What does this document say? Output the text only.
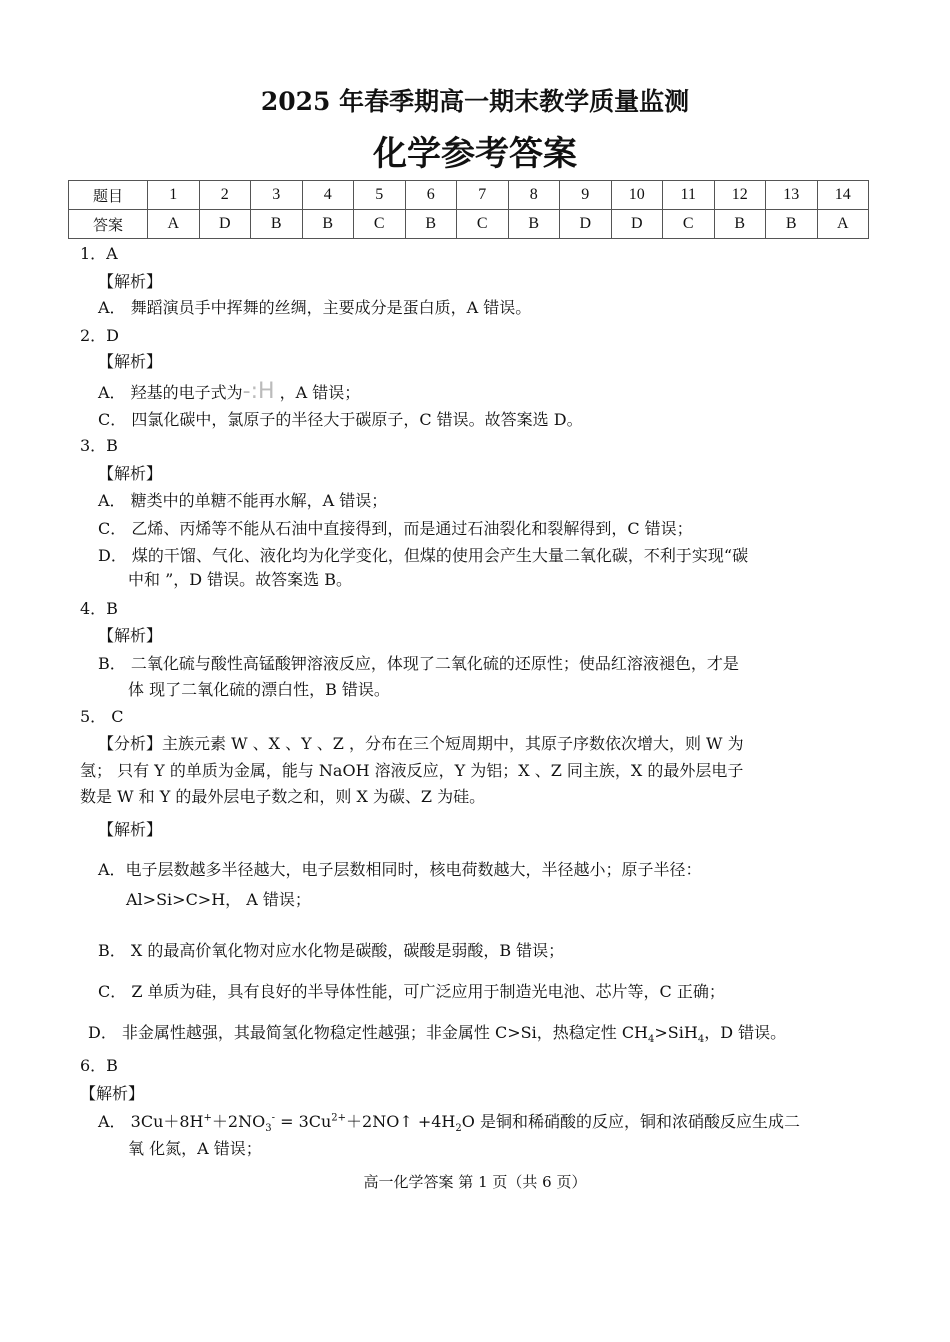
2025 年春季期高一期末教学质量监测
化学参考答案
题目	1	2	3	4	5	6	7	8	9	10	11	12	13	14
答案	A	D	B	B	C	B	C	B	D	D	C	B	B	A
1．A
【解析】
A． 舞蹈演员手中挥舞的丝绸，主要成分是蛋白质，A 错误。
2．D
【解析】
A． 羟基的电子式为-:H ，A 错误；
C． 四氯化碳中，氯原子的半径大于碳原子，C 错误。故答案选 D。
3．B
【解析】
A． 糖类中的单糖不能再水解，A 错误；
C． 乙烯、丙烯等不能从石油中直接得到，而是通过石油裂化和裂解得到，C 错误；
D． 煤的干馏、气化、液化均为化学变化，但煤的使用会产生大量二氧化碳，不利于实现“碳
中和 ”，D 错误。故答案选 B。
4．B
【解析】
B． 二氧化硫与酸性高锰酸钾溶液反应，体现了二氧化硫的还原性；使品红溶液褪色，才是
体 现了二氧化硫的漂白性，B 错误。
5． C
【分析】主族元素 W 、X 、Y 、Z ，分布在三个短周期中，其原子序数依次增大，则 W 为
氢； 只有 Y 的单质为金属，能与 NaOH 溶液反应，Y 为铝；X 、Z 同主族，X 的最外层电子
数是 W 和 Y 的最外层电子数之和，则 X 为碳、Z 为硅。
【解析】
A．电子层数越多半径越大，电子层数相同时，核电荷数越大，半径越小；原子半径：
Al>Si>C>H， A 错误；
B． X 的最高价氧化物对应水化物是碳酸，碳酸是弱酸，B 错误；
C． Z 单质为硅，具有良好的半导体性能，可广泛应用于制造光电池、芯片等，C 正确；
D． 非金属性越强，其最简氢化物稳定性越强；非金属性 C>Si，热稳定性 $CH_4>SiH_4$，D 错误。
6．B
【解析】
A． $3Cu+8H^++2NO_3^-$ = $3Cu^{2+}+2NO↑ +4H_2O$ 是铜和稀硝酸的反应，铜和浓硝酸反应生成二
氧 化氮，A 错误；
高一化学答案 第 1 页（共 6 页）
